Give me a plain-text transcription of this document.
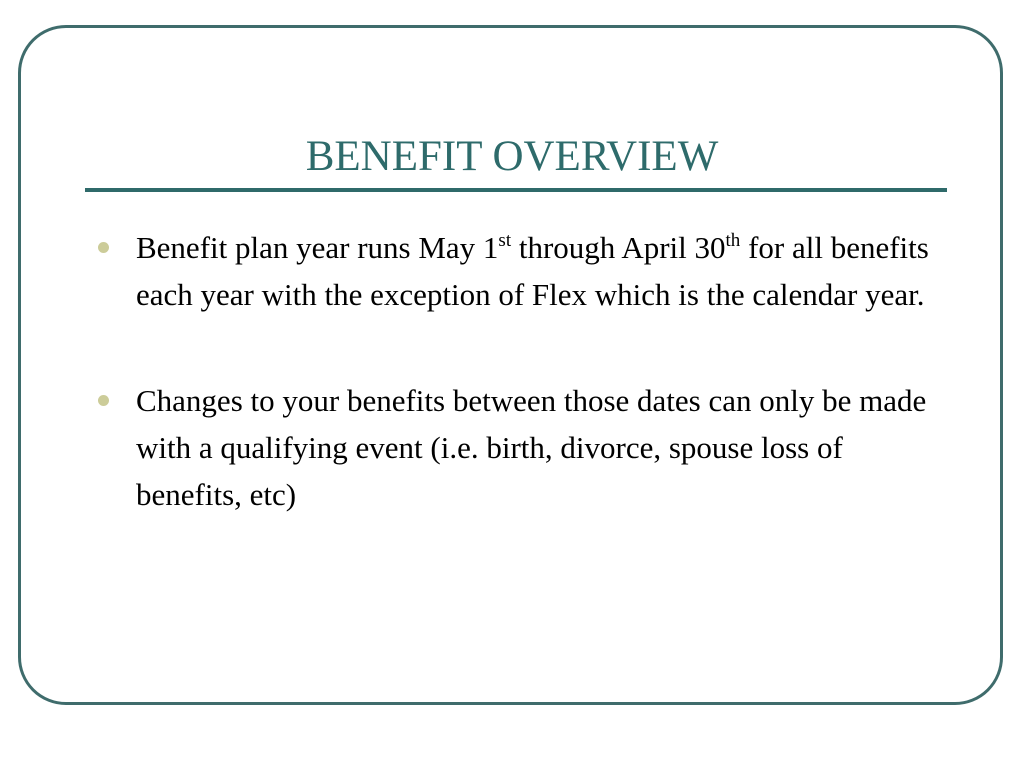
BENEFIT OVERVIEW
Benefit plan year runs May 1st through April 30th for all benefits each year with the exception of Flex which is the calendar year.
Changes to your benefits between those dates can only be made with a qualifying event (i.e. birth, divorce, spouse loss of benefits, etc)
